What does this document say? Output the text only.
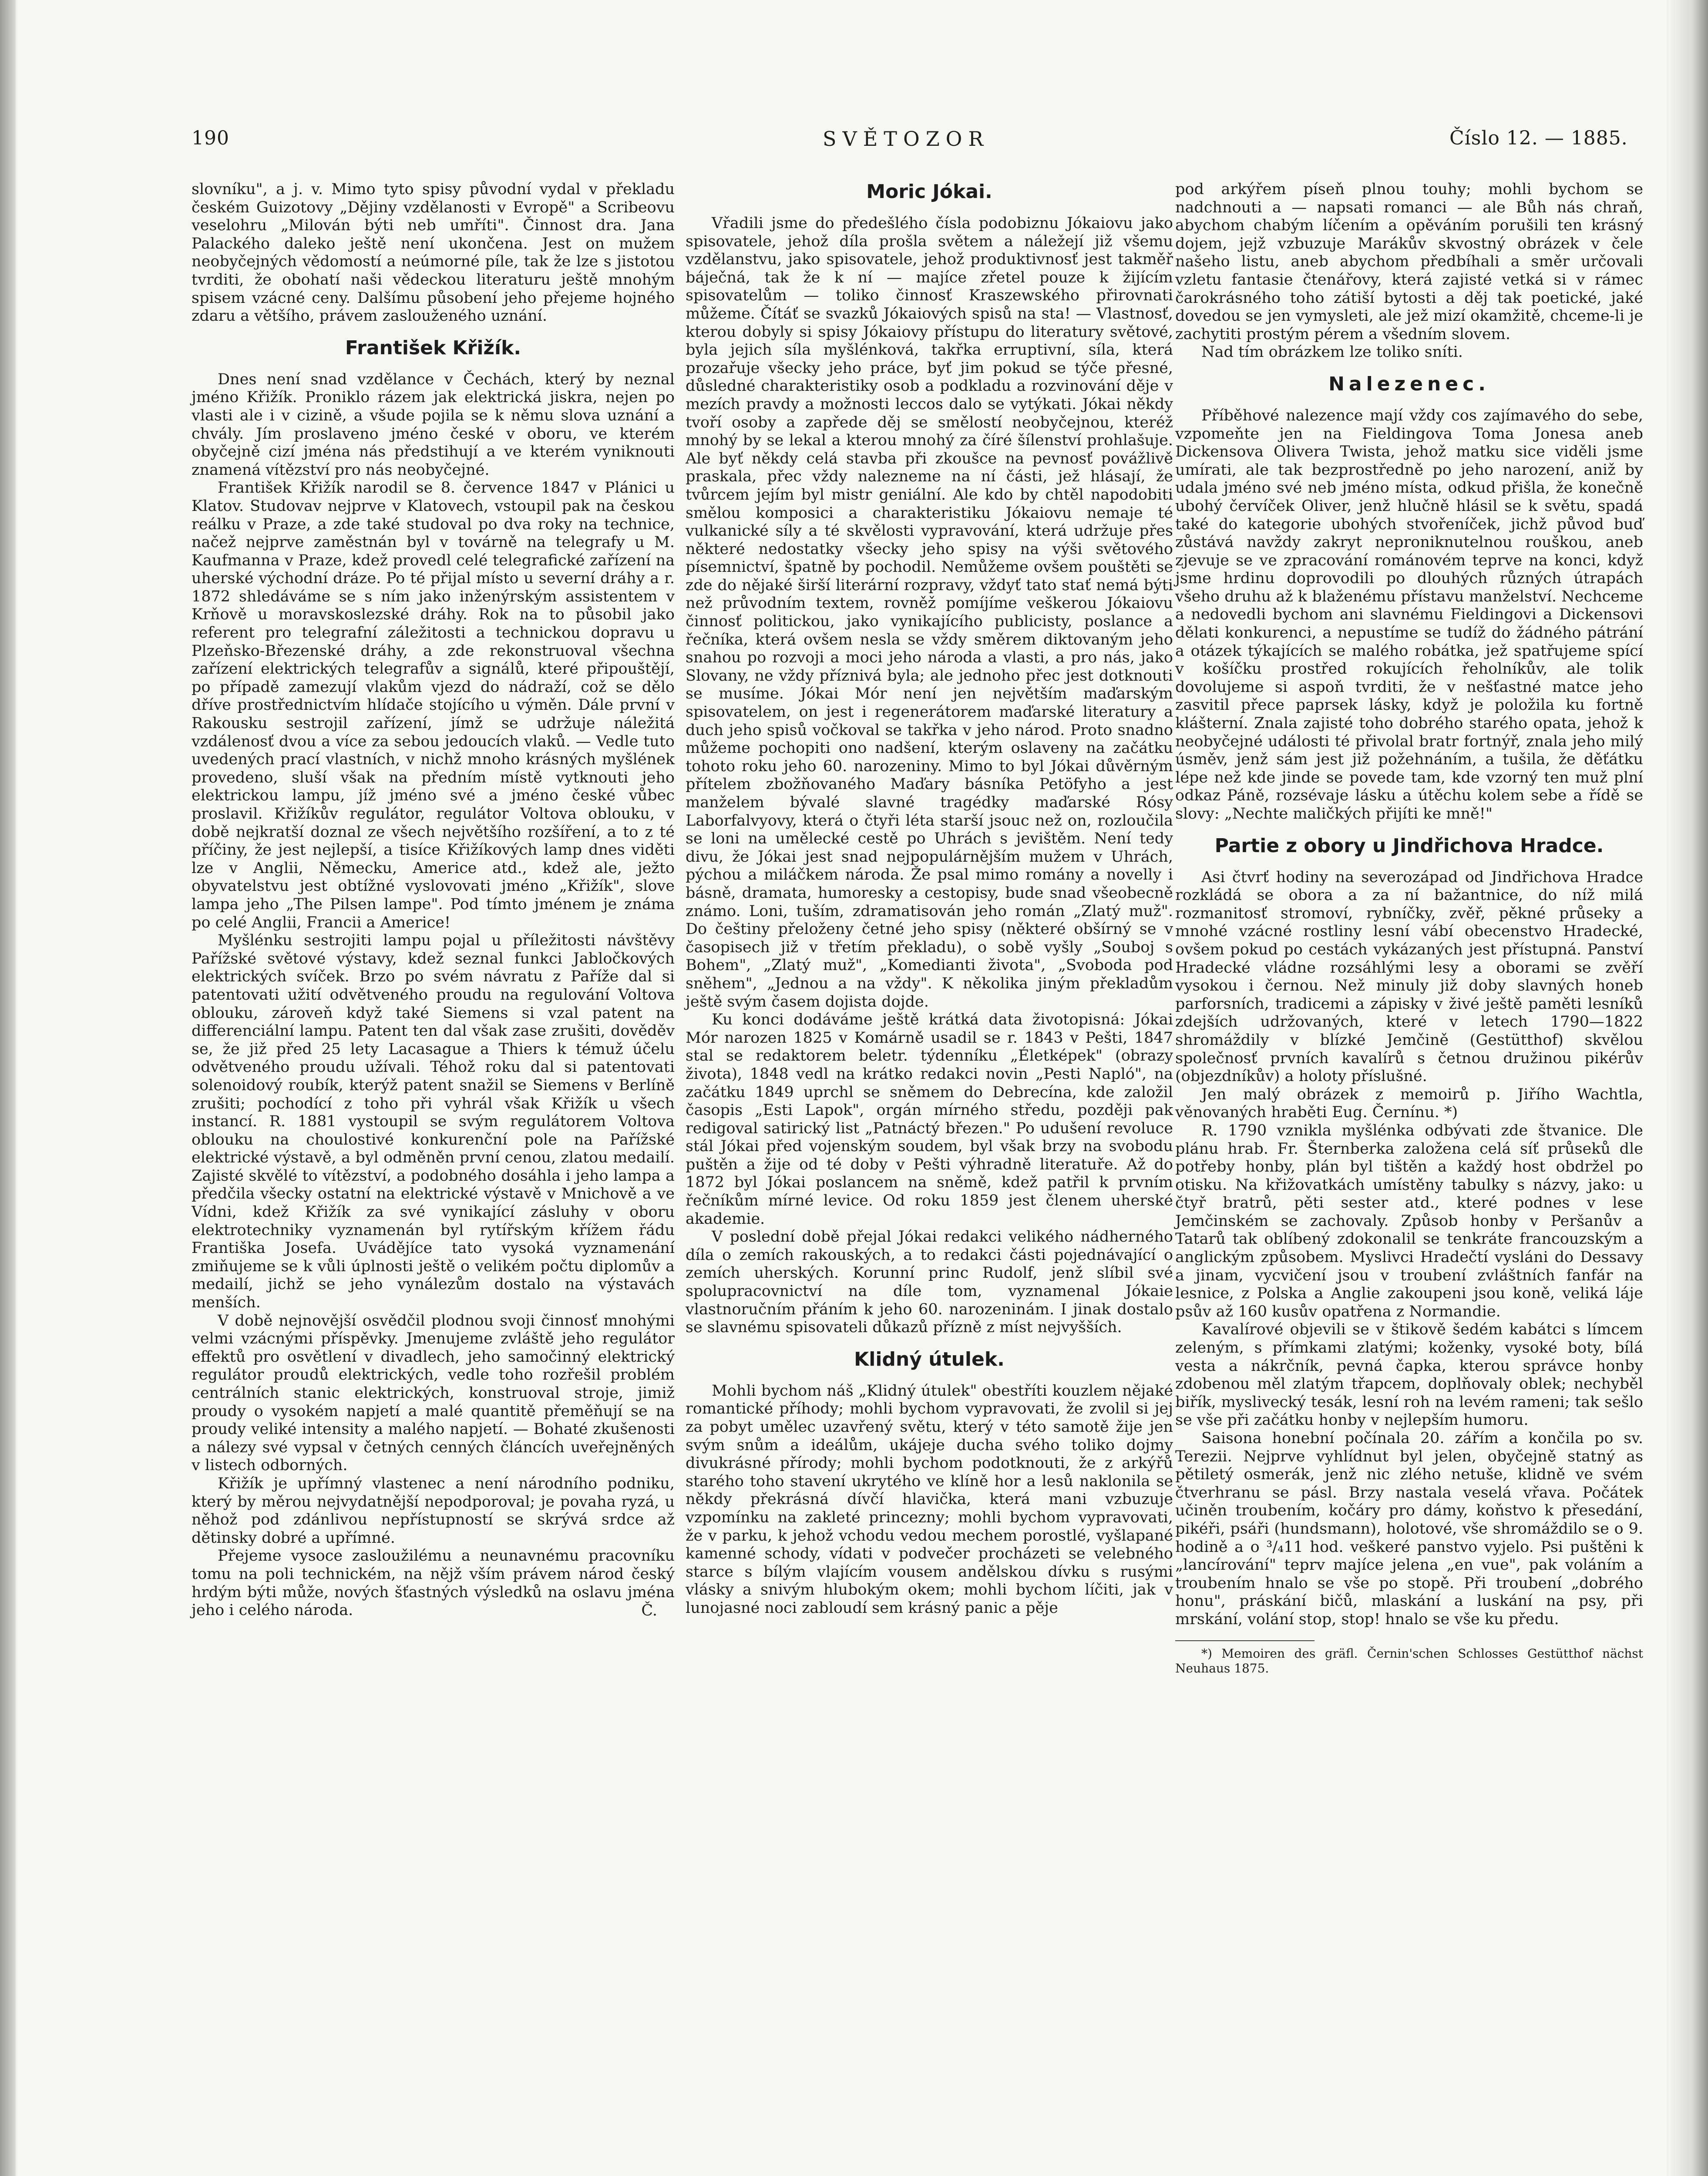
190	SVĚTOZOR	Číslo 12. — 1885.

slovníku", a j. v. Mimo tyto spisy původní vydal v překladu českém Guizotovy „Dějiny vzdělanosti v Evropě" a Scribeovu veselohru „Milován býti neb umříti". Činnost dra. Jana Palackého daleko ještě není ukončena. Jest on mužem neobyčejných vědomostí a neúmorné píle, tak že lze s jistotou tvrditi, že obohatí naši vědeckou literaturu ještě mnohým spisem vzácné ceny. Dalšímu působení jeho přejeme hojného zdaru a většího, právem zaslouženého uznání.

František Křižík.

Dnes není snad vzdělance v Čechách, který by neznal jméno Křižík. Proniklo rázem jak elektrická jiskra, nejen po vlasti ale i v cizině, a všude pojila se k němu slova uznání a chvály. Jím proslaveno jméno české v oboru, ve kterém obyčejně cizí jména nás předstihují a ve kterém vyniknouti znamená vítězství pro nás neobyčejné.

František Křižík narodil se 8. července 1847 v Plánici u Klatov. Studovav nejprve v Klatovech, vstoupil pak na českou reálku v Praze, a zde také studoval po dva roky na technice, načež nejprve zaměstnán byl v továrně na telegrafy u M. Kaufmanna v Praze, kdež provedl celé telegrafické zařízení na uherské východní dráze. Po té přijal místo u severní dráhy a r. 1872 shledáváme se s ním jako inženýrským assistentem v Krňově u moravskoslezské dráhy. Rok na to působil jako referent pro telegrafní záležitosti a technickou dopravu u Plzeňsko-Březenské dráhy, a zde rekonstruoval všechna zařízení elektrických telegrafův a signálů, které připouštějí, po případě zamezují vlakům vjezd do nádraží, což se dělo dříve prostřednictvím hlídače stojícího u výměn. Dále první v Rakousku sestrojil zařízení, jímž se udržuje náležitá vzdálenosť dvou a více za sebou jedoucích vlaků. — Vedle tuto uvedených prací vlastních, v nichž mnoho krásných myšlének provedeno, sluší však na předním místě vytknouti jeho elektrickou lampu, jíž jméno své a jméno české vůbec proslavil. Křižíkův regulátor, regulátor Voltova oblouku, v době nejkratší doznal ze všech největšího rozšíření, a to z té příčiny, že jest nejlepší, a tisíce Křižíkových lamp dnes viděti lze v Anglii, Německu, Americe atd., kdež ale, ježto obyvatelstvu jest obtížné vyslovovati jméno „Křižík", slove lampa jeho „The Pilsen lampe". Pod tímto jménem je známa po celé Anglii, Francii a Americe!

Myšlénku sestrojiti lampu pojal u příležitosti návštěvy Pařížské světové výstavy, kdež seznal funkci Jabločkových elektrických svíček. Brzo po svém návratu z Paříže dal si patentovati užití odvětveného proudu na regulování Voltova oblouku, zároveň když také Siemens si vzal patent na differenciální lampu. Patent ten dal však zase zrušiti, dověděv se, že již před 25 lety Lacasague a Thiers k témuž účelu odvětveného proudu užívali. Téhož roku dal si patentovati solenoidový roubík, kterýž patent snažil se Siemens v Berlíně zrušiti; pochodící z toho při vyhrál však Křižík u všech instancí. R. 1881 vystoupil se svým regulátorem Voltova oblouku na choulostivé konkurenční pole na Pařížské elektrické výstavě, a byl odměněn první cenou, zlatou medailí. Zajisté skvělé to vítězství, a podobného dosáhla i jeho lampa a předčila všecky ostatní na elektrické výstavě v Mnichově a ve Vídni, kdež Křižík za své vynikající zásluhy v oboru elektrotechniky vyznamenán byl rytířským křížem řádu Františka Josefa. Uvádějíce tato vysoká vyznamenání zmiňujeme se k vůli úplnosti ještě o velikém počtu diplomův a medailí, jichž se jeho vynálezům dostalo na výstavách menších.

V době nejnovější osvědčil plodnou svoji činnosť mnohými velmi vzácnými příspěvky. Jmenujeme zvláště jeho regulátor effektů pro osvětlení v divadlech, jeho samočinný elektrický regulátor proudů elektrických, vedle toho rozřešil problém centrálních stanic elektrických, konstruoval stroje, jimiž proudy o vysokém napjetí a malé quantitě přeměňují se na proudy veliké intensity a malého napjetí. — Bohaté zkušenosti a nálezy své vypsal v četných cenných článcích uveřejněných v listech odborných.

Křižík je upřímný vlastenec a není národního podniku, který by měrou nejvydatnější nepodporoval; je povaha ryzá, u něhož pod zdánlivou nepřístupností se skrývá srdce až dětinsky dobré a upřímné.

Přejeme vysoce zasloužilému a neunavnému pracovníku tomu na poli technickém, na nějž vším právem národ český hrdým býti může, nových šťastných výsledků na oslavu jména jeho i celého národa.	Č.
Moric Jókai.

Vřadili jsme do předešlého čísla podobiznu Jókaiovu jako spisovatele, jehož díla prošla světem a náležejí již všemu vzdělanstvu, jako spisovatele, jehož produktivnosť jest takměř báječná, tak že k ní — majíce zřetel pouze k žijícím spisovatelům — toliko činnosť Kraszewského přirovnati můžeme. Čítáť se svazků Jókaiových spisů na sta! — Vlastnosť, kterou dobyly si spisy Jókaiovy přístupu do literatury světové, byla jejich síla myšlénková, takřka erruptivní, síla, která prozařuje všecky jeho práce, byť jim pokud se týče přesné, důsledné charakteristiky osob a podkladu a rozvinování děje v mezích pravdy a možnosti leccos dalo se vytýkati. Jókai někdy tvoří osoby a zapřede děj se smělostí neobyčejnou, kteréž mnohý by se lekal a kterou mnohý za číré šílenství prohlašuje. Ale byť někdy celá stavba při zkoušce na pevnosť povážlivě praskala, přec vždy nalezneme na ní části, jež hlásají, že tvůrcem jejím byl mistr geniální. Ale kdo by chtěl napodobiti smělou komposici a charakteristiku Jókaiovu nemaje té vulkanické síly a té skvělosti vypravování, která udržuje přes některé nedostatky všecky jeho spisy na výši světového písemnictví, špatně by pochodil. Nemůžeme ovšem pouštěti se zde do nějaké širší literární rozpravy, vždyť tato stať nemá býti než průvodním textem, rovněž pomíjíme veškerou Jókaiovu činnosť politickou, jako vynikajícího publicisty, poslance a řečníka, která ovšem nesla se vždy směrem diktovaným jeho snahou po rozvoji a moci jeho národa a vlasti, a pro nás, jako Slovany, ne vždy příznivá byla; ale jednoho přec jest dotknouti se musíme. Jókai Mór není jen největším maďarským spisovatelem, on jest i regenerátorem maďarské literatury a duch jeho spisů vočkoval se takřka v jeho národ. Proto snadno můžeme pochopiti ono nadšení, kterým oslaveny na začátku tohoto roku jeho 60. narozeniny. Mimo to byl Jókai důvěrným přítelem zbožňovaného Maďary básníka Petöfyho a jest manželem bývalé slavné tragédky maďarské Rósy Laborfalvyovy, která o čtyři léta starší jsouc než on, rozloučila se loni na umělecké cestě po Uhrách s jevištěm. Není tedy divu, že Jókai jest snad nejpopulárnějším mužem v Uhrách, pýchou a miláčkem národa. Že psal mimo romány a novelly i básně, dramata, humoresky a cestopisy, bude snad všeobecně známo. Loni, tuším, zdramatisován jeho román „Zlatý muž". Do češtiny přeloženy četné jeho spisy (některé obšírný se v časopisech již v třetím překladu), o sobě vyšly „Souboj s Bohem", „Zlatý muž", „Komedianti života", „Svoboda pod sněhem", „Jednou a na vždy". K několika jiným překladům ještě svým časem dojista dojde.

Ku konci dodáváme ještě krátká data životopisná: Jókai Mór narozen 1825 v Komárně usadil se r. 1843 v Pešti, 1847 stal se redaktorem beletr. týdenníku „Életképek" (obrazy života), 1848 vedl na krátko redakci novin „Pesti Napló", na začátku 1849 uprchl se sněmem do Debrecína, kde založil časopis „Esti Lapok", orgán mírného středu, později pak redigoval satirický list „Patnáctý březen." Po udušení revoluce stál Jókai před vojenským soudem, byl však brzy na svobodu puštěn a žije od té doby v Pešti výhradně literatuře. Až do 1872 byl Jókai poslancem na sněmě, kdež patřil k prvním řečníkům mírné levice. Od roku 1859 jest členem uherské akademie.

V poslední době přejal Jókai redakci velikého nádherného díla o zemích rakouských, a to redakci části pojednávající o zemích uherských. Korunní princ Rudolf, jenž slíbil své spolupracovnictví na díle tom, vyznamenal Jókaie vlastnoručním přáním k jeho 60. narozeninám. I jinak dostalo se slavnému spisovateli důkazů přízně z míst nejvyšších.

Klidný útulek.

Mohli bychom náš „Klidný útulek" obestříti kouzlem nějaké romantické příhody; mohli bychom vypravovati, že zvolil si jej za pobyt umělec uzavřený světu, který v této samotě žije jen svým snům a ideálům, ukájeje ducha svého toliko dojmy divukrásné přírody; mohli bychom podotknouti, že z arkýřů starého toho stavení ukrytého ve klíně hor a lesů naklonila se někdy překrásná dívčí hlavička, která mani vzbuzuje vzpomínku na zakleté princezny; mohli bychom vypravovati, že v parku, k jehož vchodu vedou mechem porostlé, vyšlapané kamenné schody, vídati v podvečer procházeti se velebného starce s bílým vlajícím vousem andělskou dívku s rusými vlásky a snivým hlubokým okem; mohli bychom líčiti, jak v lunojasné noci zabloudí sem krásný panic a pěje

pod arkýřem píseň plnou touhy; mohli bychom se nadchnouti a — napsati romanci — ale Bůh nás chraň, abychom chabým líčením a opěváním porušili ten krásný dojem, jejž vzbuzuje Marákův skvostný obrázek v čele našeho listu, aneb abychom předbíhali a směr určovali vzletu fantasie čtenářovy, která zajisté vetká si v rámec čarokrásného toho zátiší bytosti a děj tak poetické, jaké dovedou se jen vymysleti, ale jež mizí okamžitě, chceme-li je zachytiti prostým pérem a všedním slovem.

Nad tím obrázkem lze toliko sníti.

Nalezenec.

Příběhové nalezence mají vždy cos zajímavého do sebe, vzpomeňte jen na Fieldingova Toma Jonesa aneb Dickensova Olivera Twista, jehož matku sice viděli jsme umírati, ale tak bezprostředně po jeho narození, aniž by udala jméno své neb jméno místa, odkud přišla, že konečně ubohý červíček Oliver, jenž hlučně hlásil se k světu, spadá také do kategorie ubohých stvořeníček, jichž původ buď zůstává navždy zakryt neproniknutelnou rouškou, aneb zjevuje se ve zpracování románovém teprve na konci, když jsme hrdinu doprovodili po dlouhých různých útrapách všeho druhu až k blaženému přístavu manželství. Nechceme a nedovedli bychom ani slavnému Fieldingovi a Dickensovi dělati konkurenci, a nepustíme se tudíž do žádného pátrání a otázek týkajících se malého robátka, jež spatřujeme spící v košíčku prostřed rokujících řeholníkův, ale tolik dovolujeme si aspoň tvrditi, že v nešťastné matce jeho zasvitil přece paprsek lásky, když je položila ku fortně klášterní. Znala zajisté toho dobrého starého opata, jehož k neobyčejné události té přivolal bratr fortnýř, znala jeho milý úsměv, jenž sám jest již požehnáním, a tušila, že děťátku lépe než kde jinde se povede tam, kde vzorný ten muž plní odkaz Páně, rozsévaje lásku a útěchu kolem sebe a řídě se slovy: „Nechte maličkých přijíti ke mně!"

Partie z obory u Jindřichova Hradce.

Asi čtvrť hodiny na severozápad od Jindřichova Hradce rozkládá se obora a za ní bažantnice, do níž milá rozmanitosť stromoví, rybníčky, zvěř, pěkné průseky a mnohé vzácné rostliny lesní vábí obecenstvo Hradecké, ovšem pokud po cestách vykázaných jest přístupná. Panství Hradecké vládne rozsáhlými lesy a oborami se zvěří vysokou i černou. Než minuly již doby slavných honeb parforsních, tradicemi a zápisky v živé ještě paměti lesníků zdejších udržovaných, které v letech 1790—1822 shromáždily v blízké Jemčině (Gestütthof) skvělou společnosť prvních kavalírů s četnou družinou pikérův (objezdníkův) a holoty příslušné.

Jen malý obrázek z memoirů p. Jiřího Wachtla, věnovaných hraběti Eug. Černínu. *)

R. 1790 vznikla myšlénka odbývati zde štvanice. Dle plánu hrab. Fr. Šternberka založena celá síť průseků dle potřeby honby, plán byl tištěn a každý host obdržel po otisku. Na křižovatkách umístěny tabulky s názvy, jako: u čtyř bratrů, pěti sester atd., které podnes v lese Jemčinském se zachovaly. Způsob honby v Peršanův a Tatarů tak oblíbený zdokonalil se tenkráte francouzským a anglickým způsobem. Myslivci Hradečtí vysláni do Dessavy a jinam, vycvičení jsou v troubení zvláštních fanfár na lesnice, z Polska a Anglie zakoupeni jsou koně, veliká láje psův až 160 kusův opatřena z Normandie.

Kavalírové objevili se v štikově šedém kabátci s límcem zeleným, s přímkami zlatými; koženky, vysoké boty, bílá vesta a nákrčník, pevná čapka, kterou správce honby zdobenou měl zlatým třapcem, doplňovaly oblek; nechyběl biřík, myslivecký tesák, lesní roh na levém rameni; tak sešlo se vše při začátku honby v nejlepším humoru.

Saisona honební počínala 20. zářím a končila po sv. Terezii. Nejprve vyhlídnut byl jelen, obyčejně statný as pětiletý osmerák, jenž nic zlého netuše, klidně ve svém čtverhranu se pásl. Brzy nastala veselá vřava. Počátek učiněn troubením, kočáry pro dámy, koňstvo k přesedání, pikéři, psáři (hundsmann), holotové, vše shromáždilo se o 9. hodině a o ³/₄11 hod. veškeré panstvo vyjelo. Psi puštěni k „lancírování" teprv majíce jelena „en vue", pak voláním a troubením hnalo se vše po stopě. Při troubení „dobrého honu", práskání bičů, mlaskání a luskání na psy, při mrskání, volání stop, stop! hnalo se vše ku předu.

*) Memoiren des gräfl. Černin'schen Schlosses Gestütthof nächst Neuhaus 1875.
